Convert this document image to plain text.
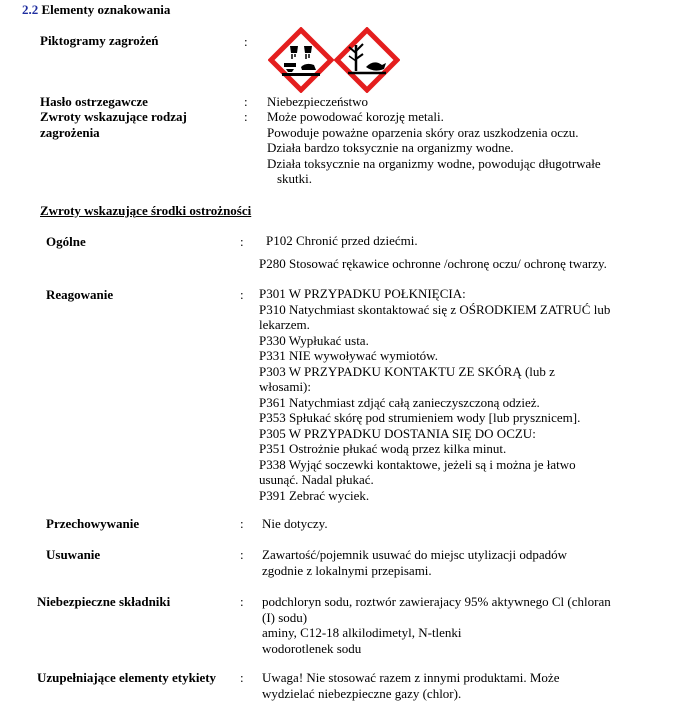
2.2 Elementy oznakowania
Piktogramy zagrożeń	:
Hasło ostrzegawcze	: Niebezpieczeństwo
Zwroty wskazujące rodzaj
zagrożenia
: Może powodować korozję metali.
Powoduje poważne oparzenia skóry oraz uszkodzenia oczu.
Działa bardzo toksycznie na organizmy wodne.
Działa toksycznie na organizmy wodne, powodując długotrwałe
skutki.
Zwroty wskazujące środki ostrożności
Ogólne	: P102 Chronić przed dziećmi.
P280 Stosować rękawice ochronne /ochronę oczu/ ochronę twarzy.
Reagowanie	: P301 W PRZYPADKU POŁKNIĘCIA:
P310 Natychmiast skontaktować się z OŚRODKIEM ZATRUĆ lub
lekarzem.
P330 Wypłukać usta.
P331 NIE wywoływać wymiotów.
P303 W PRZYPADKU KONTAKTU ZE SKÓRĄ (lub z
włosami):
P361 Natychmiast zdjąć całą zanieczyszczoną odzież.
P353 Spłukać skórę pod strumieniem wody [lub prysznicem].
P305 W PRZYPADKU DOSTANIA SIĘ DO OCZU:
P351 Ostrożnie płukać wodą przez kilka minut.
P338 Wyjąć soczewki kontaktowe, jeżeli są i można je łatwo
usunąć. Nadal płukać.
P391 Zebrać wyciek.
Przechowywanie	: Nie dotyczy.
Usuwanie	: Zawartość/pojemnik usuwać do miejsc utylizacji odpadów
zgodnie z lokalnymi przepisami.
Niebezpieczne składniki	: podchloryn sodu, roztwór zawierajacy 95% aktywnego Cl (chloran
(I) sodu)
aminy, C12-18 alkilodimetyl, N-tlenki
wodorotlenek sodu
Uzupełniające elementy etykiety : Uwaga! Nie stosować razem z innymi produktami. Może
wydzielać niebezpieczne gazy (chlor).
